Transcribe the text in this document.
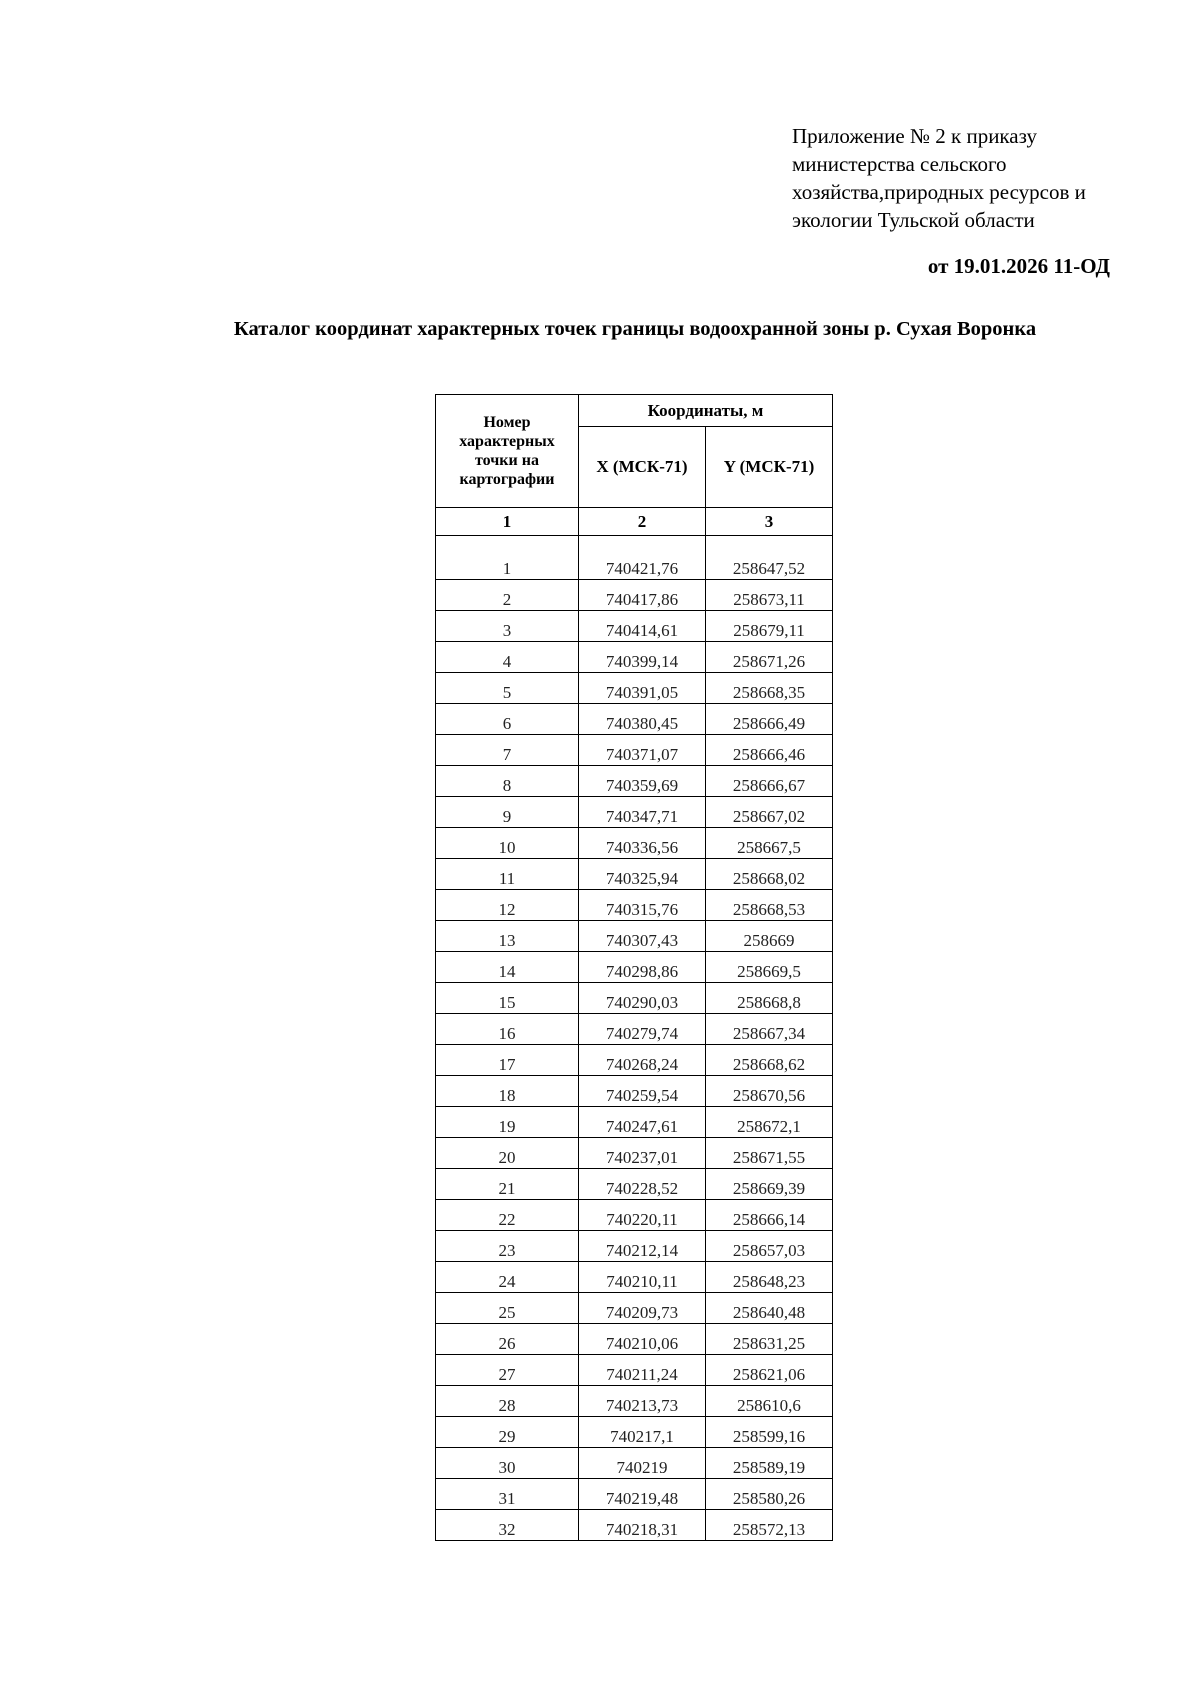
Приложение № 2 к приказу
министерства сельского
хозяйства,природных ресурсов и
экологии Тульской области
от 19.01.2026 11-ОД
Каталог координат характерных точек границы водоохранной зоны р. Сухая Воронка
Номер характерных точки на картографии	Координаты, м	
	X (МСК-71)	Y (МСК-71)
1	2	3
1	740421,76	258647,52
2	740417,86	258673,11
3	740414,61	258679,11
4	740399,14	258671,26
5	740391,05	258668,35
6	740380,45	258666,49
7	740371,07	258666,46
8	740359,69	258666,67
9	740347,71	258667,02
10	740336,56	258667,5
11	740325,94	258668,02
12	740315,76	258668,53
13	740307,43	258669
14	740298,86	258669,5
15	740290,03	258668,8
16	740279,74	258667,34
17	740268,24	258668,62
18	740259,54	258670,56
19	740247,61	258672,1
20	740237,01	258671,55
21	740228,52	258669,39
22	740220,11	258666,14
23	740212,14	258657,03
24	740210,11	258648,23
25	740209,73	258640,48
26	740210,06	258631,25
27	740211,24	258621,06
28	740213,73	258610,6
29	740217,1	258599,16
30	740219	258589,19
31	740219,48	258580,26
32	740218,31	258572,13
